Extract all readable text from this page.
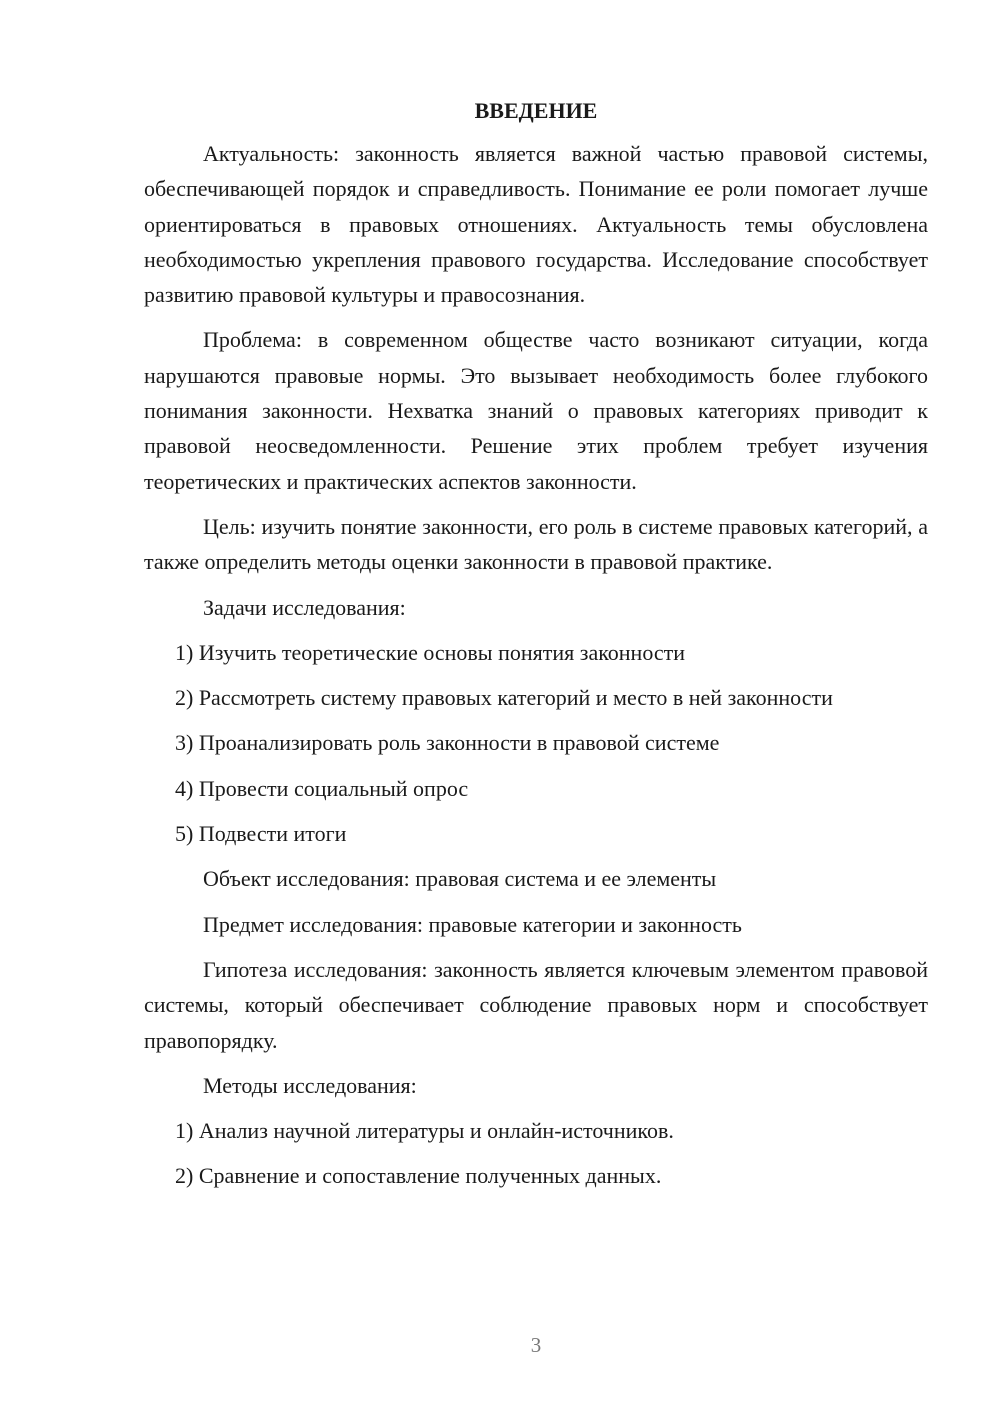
ВВЕДЕНИЕ

Актуальность: законность является важной частью правовой системы, обеспечивающей порядок и справедливость. Понимание ее роли помогает лучше ориентироваться в правовых отношениях. Актуальность темы обусловлена необходимостью укрепления правового государства. Исследование способствует развитию правовой культуры и правосознания.

Проблема: в современном обществе часто возникают ситуации, когда нарушаются правовые нормы. Это вызывает необходимость более глубокого понимания законности. Нехватка знаний о правовых категориях приводит к правовой неосведомленности. Решение этих проблем требует изучения теоретических и практических аспектов законности.

Цель: изучить понятие законности, его роль в системе правовых категорий, а также определить методы оценки законности в правовой практике.

Задачи исследования:

1) Изучить теоретические основы понятия законности
2) Рассмотреть систему правовых категорий и место в ней законности
3) Проанализировать роль законности в правовой системе
4) Провести социальный опрос
5) Подвести итоги

Объект исследования: правовая система и ее элементы

Предмет исследования: правовые категории и законность

Гипотеза исследования: законность является ключевым элементом правовой системы, который обеспечивает соблюдение правовых норм и способствует правопорядку.

Методы исследования:

1) Анализ научной литературы и онлайн-источников.
2) Сравнение и сопоставление полученных данных.
3
